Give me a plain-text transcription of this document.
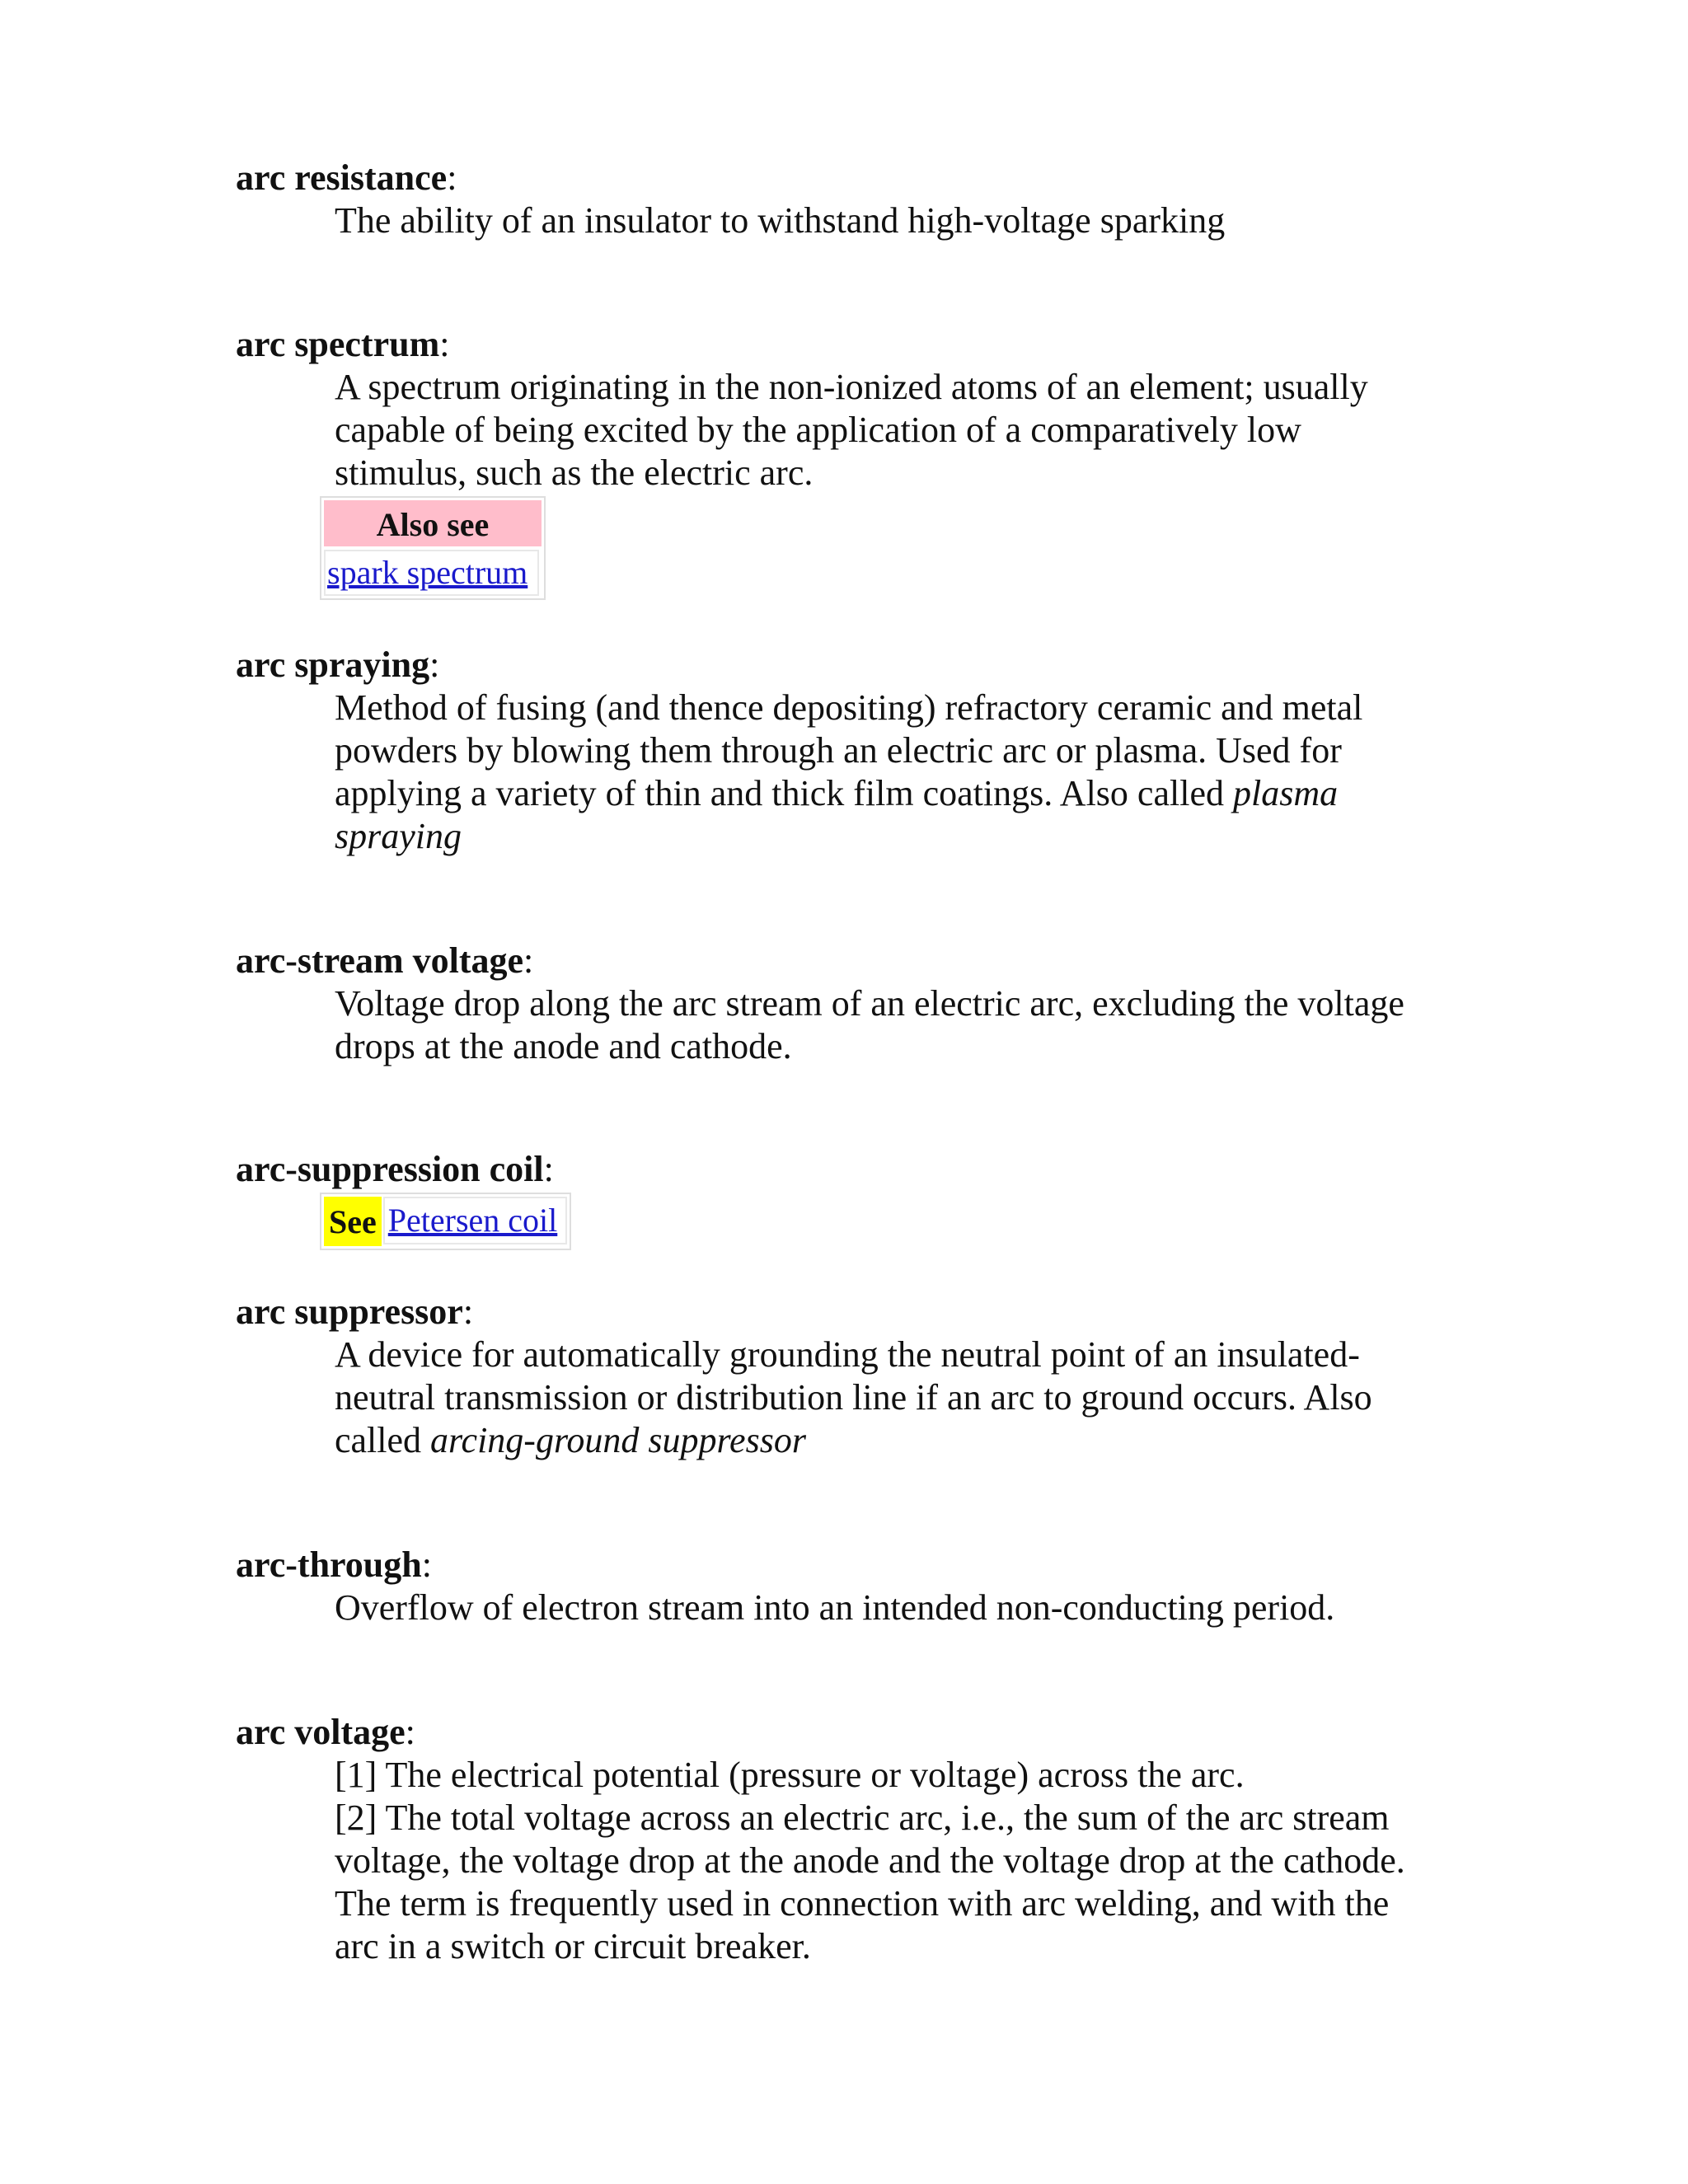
arc resistance:

The ability of an insulator to withstand high-voltage sparking

arc spectrum:

A spectrum originating in the non-ionized atoms of an element; usually capable of being excited by the application of a comparatively low stimulus, such as the electric arc.

Also see
spark spectrum
arc spraying:

Method of fusing (and thence depositing) refractory ceramic and metal powders by blowing them through an electric arc or plasma. Used for applying a variety of thin and thick film coatings. Also called plasma spraying

arc-stream voltage:

Voltage drop along the arc stream of an electric arc, excluding the voltage drops at the anode and cathode.

arc-suppression coil:
See Petersen coil
arc suppressor:

A device for automatically grounding the neutral point of an insulated-neutral transmission or distribution line if an arc to ground occurs. Also called arcing-ground suppressor

arc-through:

Overflow of electron stream into an intended non-conducting period.

arc voltage:

[1] The electrical potential (pressure or voltage) across the arc.

[2] The total voltage across an electric arc, i.e., the sum of the arc stream voltage, the voltage drop at the anode and the voltage drop at the cathode. The term is frequently used in connection with arc welding, and with the arc in a switch or circuit breaker.
